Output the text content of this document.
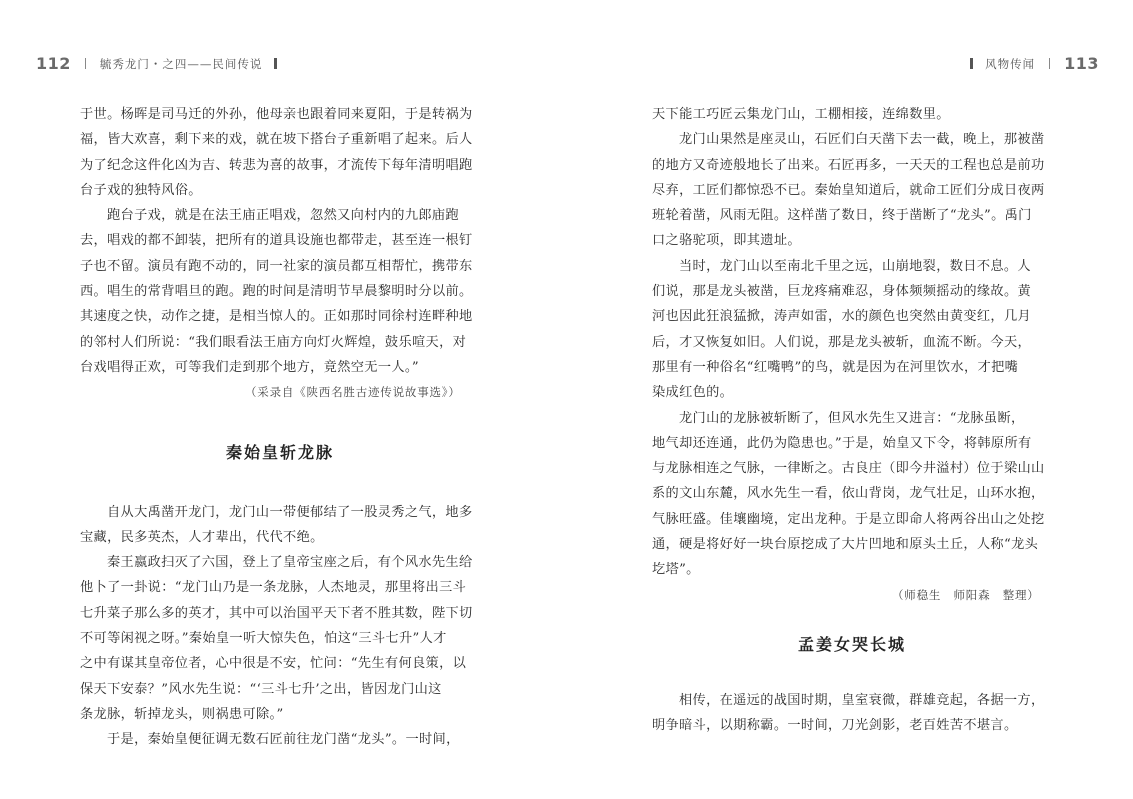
112	毓秀龙门・之四——民间传说
于世。杨晖是司马迁的外孙，他母亲也跟着同来夏阳，于是转祸为
福，皆大欢喜，剩下来的戏，就在坡下搭台子重新唱了起来。后人
为了纪念这件化凶为吉、转悲为喜的故事，才流传下每年清明唱跑
台子戏的独特风俗。
跑台子戏，就是在法王庙正唱戏，忽然又向村内的九郎庙跑
去，唱戏的都不卸装，把所有的道具设施也都带走，甚至连一根钉
子也不留。演员有跑不动的，同一社家的演员都互相帮忙，携带东
西。唱生的常背唱旦的跑。跑的时间是清明节早晨黎明时分以前。
其速度之快，动作之捷，是相当惊人的。正如那时同徐村连畔种地
的邻村人们所说：“我们眼看法王庙方向灯火辉煌，鼓乐喧天，对
台戏唱得正欢，可等我们走到那个地方，竟然空无一人。”
（采录自《陕西名胜古迹传说故事选》）
秦始皇斩龙脉
自从大禹凿开龙门，龙门山一带便郁结了一股灵秀之气，地多
宝藏，民多英杰，人才辈出，代代不绝。
秦王嬴政扫灭了六国，登上了皇帝宝座之后，有个风水先生给
他卜了一卦说：“龙门山乃是一条龙脉，人杰地灵，那里将出三斗
七升菜子那么多的英才，其中可以治国平天下者不胜其数，陛下切
不可等闲视之呀。”秦始皇一听大惊失色，怕这“三斗七升”人才
之中有谋其皇帝位者，心中很是不安，忙问：“先生有何良策，以
保天下安泰？”风水先生说：“‘三斗七升’之出，皆因龙门山这
条龙脉，斩掉龙头，则祸患可除。”
于是，秦始皇便征调无数石匠前往龙门凿“龙头”。一时间，
风物传闻 113
天下能工巧匠云集龙门山，工棚相接，连绵数里。
龙门山果然是座灵山，石匠们白天凿下去一截，晚上，那被凿
的地方又奇迹般地长了出来。石匠再多，一天天的工程也总是前功
尽弃，工匠们都惊恐不已。秦始皇知道后，就命工匠们分成日夜两
班轮着凿，风雨无阻。这样凿了数日，终于凿断了“龙头”。禹门
口之骆驼项，即其遗址。
当时，龙门山以至南北千里之远，山崩地裂，数日不息。人
们说，那是龙头被凿，巨龙疼痛难忍，身体频频摇动的缘故。黄
河也因此狂浪猛掀，涛声如雷，水的颜色也突然由黄变红，几月
后，才又恢复如旧。人们说，那是龙头被斩，血流不断。今天，
那里有一种俗名“红嘴鸭”的鸟，就是因为在河里饮水，才把嘴
染成红色的。
龙门山的龙脉被斩断了，但风水先生又进言：“龙脉虽断，
地气却还连通，此仍为隐患也。”于是，始皇又下令，将韩原所有
与龙脉相连之气脉，一律断之。古良庄（即今井溢村）位于梁山山
系的文山东麓，风水先生一看，依山背岗，龙气壮足，山环水抱，
气脉旺盛。佳壤幽境，定出龙种。于是立即命人将两谷出山之处挖
通，硬是将好好一块台原挖成了大片凹地和原头土丘，人称“龙头
圪塔”。
（师稳生　师阳森　整理）
孟姜女哭长城
相传，在遥远的战国时期，皇室衰微，群雄竞起，各据一方，
明争暗斗，以期称霸。一时间，刀光剑影，老百姓苦不堪言。
